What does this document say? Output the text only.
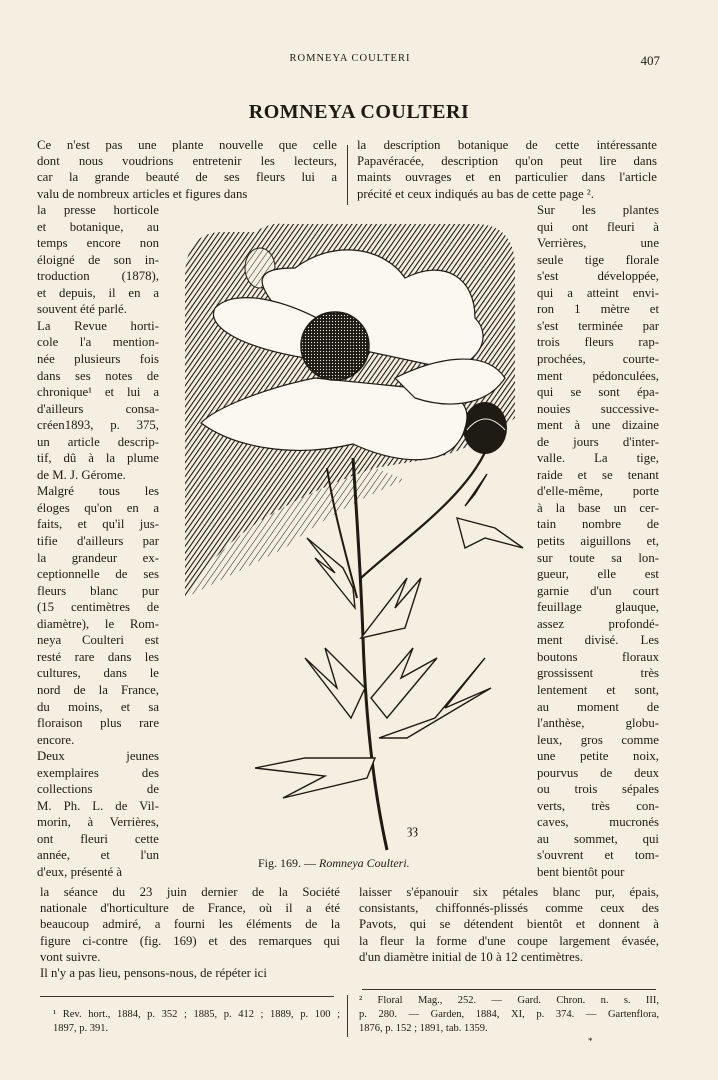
ROMNEYA COULTERI	407
ROMNEYA COULTERI
Ce n'est pas une plante nouvelle que celle
dont nous voudrions entretenir les lecteurs,
car la grande beauté de ses fleurs lui a
valu de nombreux articles et figures dans
la description botanique de cette intéressante
Papavéracée, description qu'on peut lire dans
maints ouvrages et en particulier dans l'article
précité et ceux indiqués au bas de cette page ².
la presse horticole
et botanique, au
temps encore non
éloigné de son in-
troduction (1878),
et depuis, il en a
souvent été parlé.
La Revue horti-
cole l'a mention-
née plusieurs fois
dans ses notes de
chronique¹ et lui a
d'ailleurs consa-
créen1893, p. 375,
un article descrip-
tif, dû à la plume
de M. J. Gérome.
Malgré tous les
éloges qu'on en a
faits, et qu'il jus-
tifie d'ailleurs par
la grandeur ex-
ceptionnelle de ses
fleurs blanc pur
(15 centimètres de
diamètre), le Rom-
neya Coulteri est
resté rare dans les
cultures, dans le
nord de la France,
du moins, et sa
floraison plus rare
encore.
Deux jeunes
exemplaires des
collections de
M. Ph. L. de Vil-
morin, à Verrières,
ont fleuri cette
année, et l'un
d'eux, présenté à
Sur les plantes
qui ont fleuri à
Verrières, une
seule tige florale
s'est développée,
qui a atteint envi-
ron 1 mètre et
s'est terminée par
trois fleurs rap-
prochées, courte-
ment pédonculées,
qui se sont épa-
nouies successive-
ment à une dizaine
de jours d'inter-
valle. La tige,
raide et se tenant
d'elle-même, porte
à la base un cer-
tain nombre de
petits aiguillons et,
sur toute sa lon-
gueur, elle est
garnie d'un court
feuillage glauque,
assez profondé-
ment divisé. Les
boutons floraux
grossissent très
lentement et sont,
au moment de
l'anthèse, globu-
leux, gros comme
une petite noix,
pourvus de deux
ou trois sépales
verts, très con-
caves, mucronés
au sommet, qui
s'ouvrent et tom-
bent bientôt pour
la séance du 23 juin dernier de la Société
nationale d'horticulture de France, où il a été
beaucoup admiré, a fourni les éléments de la
figure ci-contre (fig. 169) et des remarques qui
vont suivre.
Il n'y a pas lieu, pensons-nous, de répéter ici
laisser s'épanouir six pétales blanc pur, épais,
consistants, chiffonnés-plissés comme ceux des
Pavots, qui se détendent bientôt et donnent à
la fleur la forme d'une coupe largement évasée,
d'un diamètre initial de 10 à 12 centimètres.
ȝȝ
Fig. 169. — Romneya Coulteri.
¹ Rev. hort., 1884, p. 352 ; 1885, p. 412 ; 1889, p. 100 ;
1897, p. 391.
² Floral Mag., 252. — Gard. Chron. n. s. III,
p. 280. — Garden, 1884, XI, p. 374. — Gartenflora,
1876, p. 152 ; 1891, tab. 1359.
*
